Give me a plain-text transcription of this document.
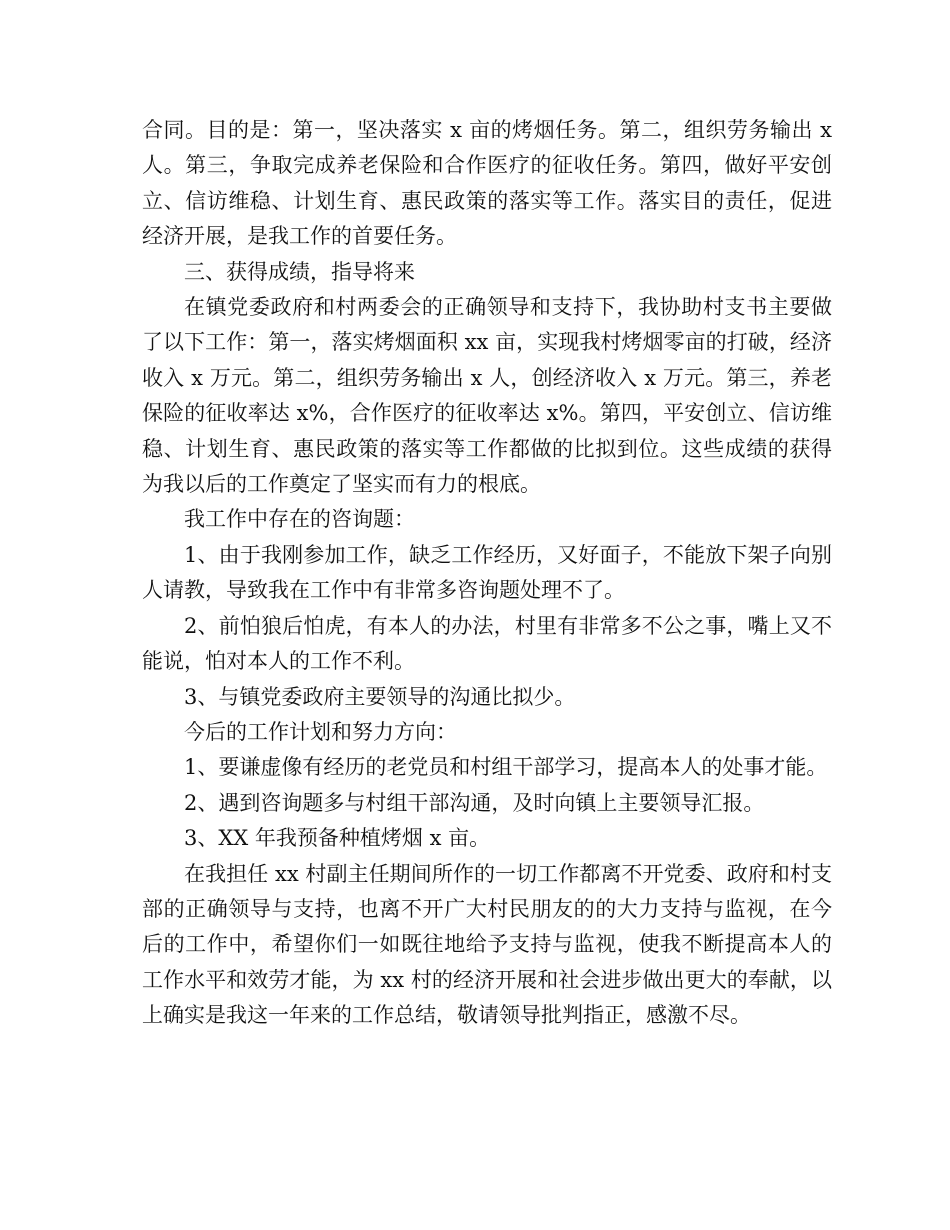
合同。目的是：第一，坚决落实 x 亩的烤烟任务。第二，组织劳务输出 x 人。第三，争取完成养老保险和合作医疗的征收任务。第四，做好平安创立、信访维稳、计划生育、惠民政策的落实等工作。落实目的责任，促进经济开展，是我工作的首要任务。

三、获得成绩，指导将来

在镇党委政府和村两委会的正确领导和支持下，我协助村支书主要做了以下工作：第一，落实烤烟面积 xx 亩，实现我村烤烟零亩的打破，经济收入 x 万元。第二，组织劳务输出 x 人，创经济收入 x 万元。第三，养老保险的征收率达 x%，合作医疗的征收率达 x%。第四，平安创立、信访维稳、计划生育、惠民政策的落实等工作都做的比拟到位。这些成绩的获得为我以后的工作奠定了坚实而有力的根底。

我工作中存在的咨询题：

1、由于我刚参加工作，缺乏工作经历，又好面子，不能放下架子向别人请教，导致我在工作中有非常多咨询题处理不了。

2、前怕狼后怕虎，有本人的办法，村里有非常多不公之事，嘴上又不能说，怕对本人的工作不利。

3、与镇党委政府主要领导的沟通比拟少。

今后的工作计划和努力方向：

1、要谦虚像有经历的老党员和村组干部学习，提高本人的处事才能。

2、遇到咨询题多与村组干部沟通，及时向镇上主要领导汇报。

3、XX 年我预备种植烤烟 x 亩。

在我担任 xx 村副主任期间所作的一切工作都离不开党委、政府和村支部的正确领导与支持，也离不开广大村民朋友的的大力支持与监视，在今后的工作中，希望你们一如既往地给予支持与监视，使我不断提高本人的工作水平和效劳才能，为 xx 村的经济开展和社会进步做出更大的奉献，以上确实是我这一年来的工作总结，敬请领导批判指正，感激不尽。
